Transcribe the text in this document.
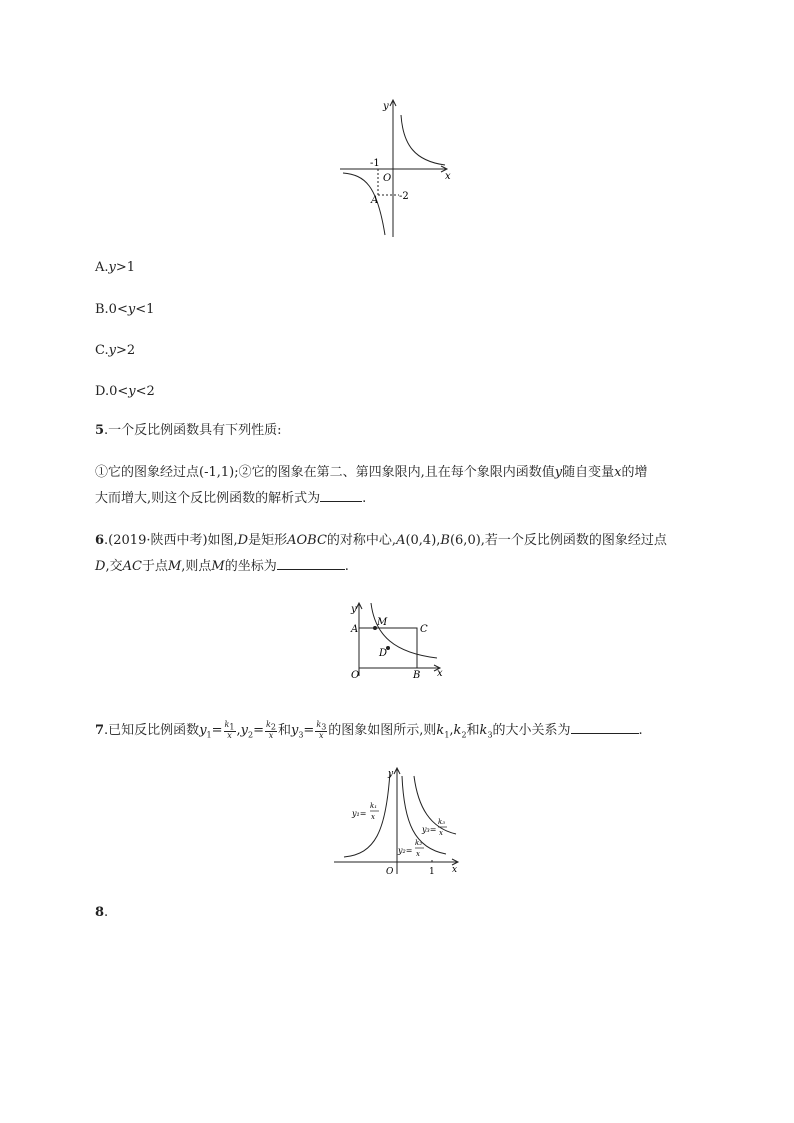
y
x
O
A
-1
-2
A.y>1
B.0<y<1
C.y>2
D.0<y<2
5.一个反比例函数具有下列性质:
①它的图象经过点(-1,1);②它的图象在第二、第四象限内,且在每个象限内函数值y随自变量x的增
大而增大,则这个反比例函数的解析式为	.
6.(2019·陕西中考)如图,D是矩形AOBC的对称中心,A(0,4),B(6,0),若一个反比例函数的图象经过点
D,交AC于点M,则点M的坐标为	.
y
x
A
M
C
D
O	B
7.已知反比例函数$y_1= \frac{k_1}{x} ,y_2= \frac{k_2}{x}$ 和$y_3= \frac{k_3}{x}$ 的图象如图所示,则$k_1,k_2$和$k_3$的大小关系为	.
y
x
O	1
y₁=
k₁
x
y₃=
k₃
x
y₂=
k₂
x
8.
